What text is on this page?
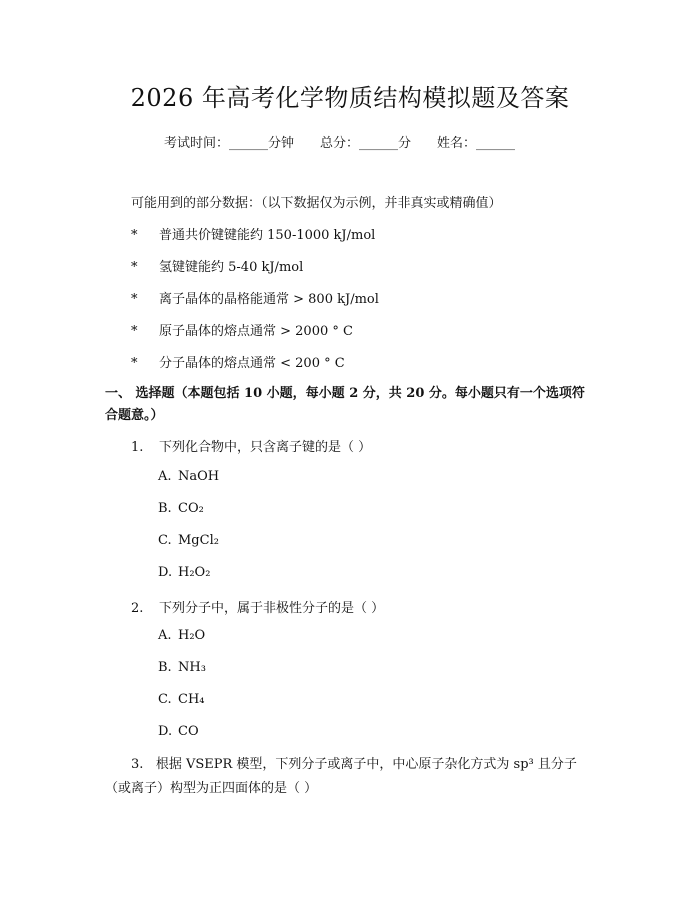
2026 年高考化学物质结构模拟题及答案
考试时间：______分钟 总分：______分 姓名：______
可能用到的部分数据：（以下数据仅为示例，并非真实或精确值）
* 普通共价键键能约 150-1000 kJ/mol
* 氢键键能约 5-40 kJ/mol
* 离子晶体的晶格能通常 > 800 kJ/mol
* 原子晶体的熔点通常 > 2000 ° C
* 分子晶体的熔点通常 < 200 ° C
一、 选择题（本题包括 10 小题，每小题 2 分，共 20 分。每小题只有一个选项符合题意。）
1. 下列化合物中，只含离子键的是（ ）
A. NaOH
B. CO₂
C. MgCl₂
D. H₂O₂
2. 下列分子中，属于非极性分子的是（ ）
A. H₂O
B. NH₃
C. CH₄
D. CO
3. 根据 VSEPR 模型，下列分子或离子中，中心原子杂化方式为 sp³ 且分子（或离子）构型为正四面体的是（ ）
